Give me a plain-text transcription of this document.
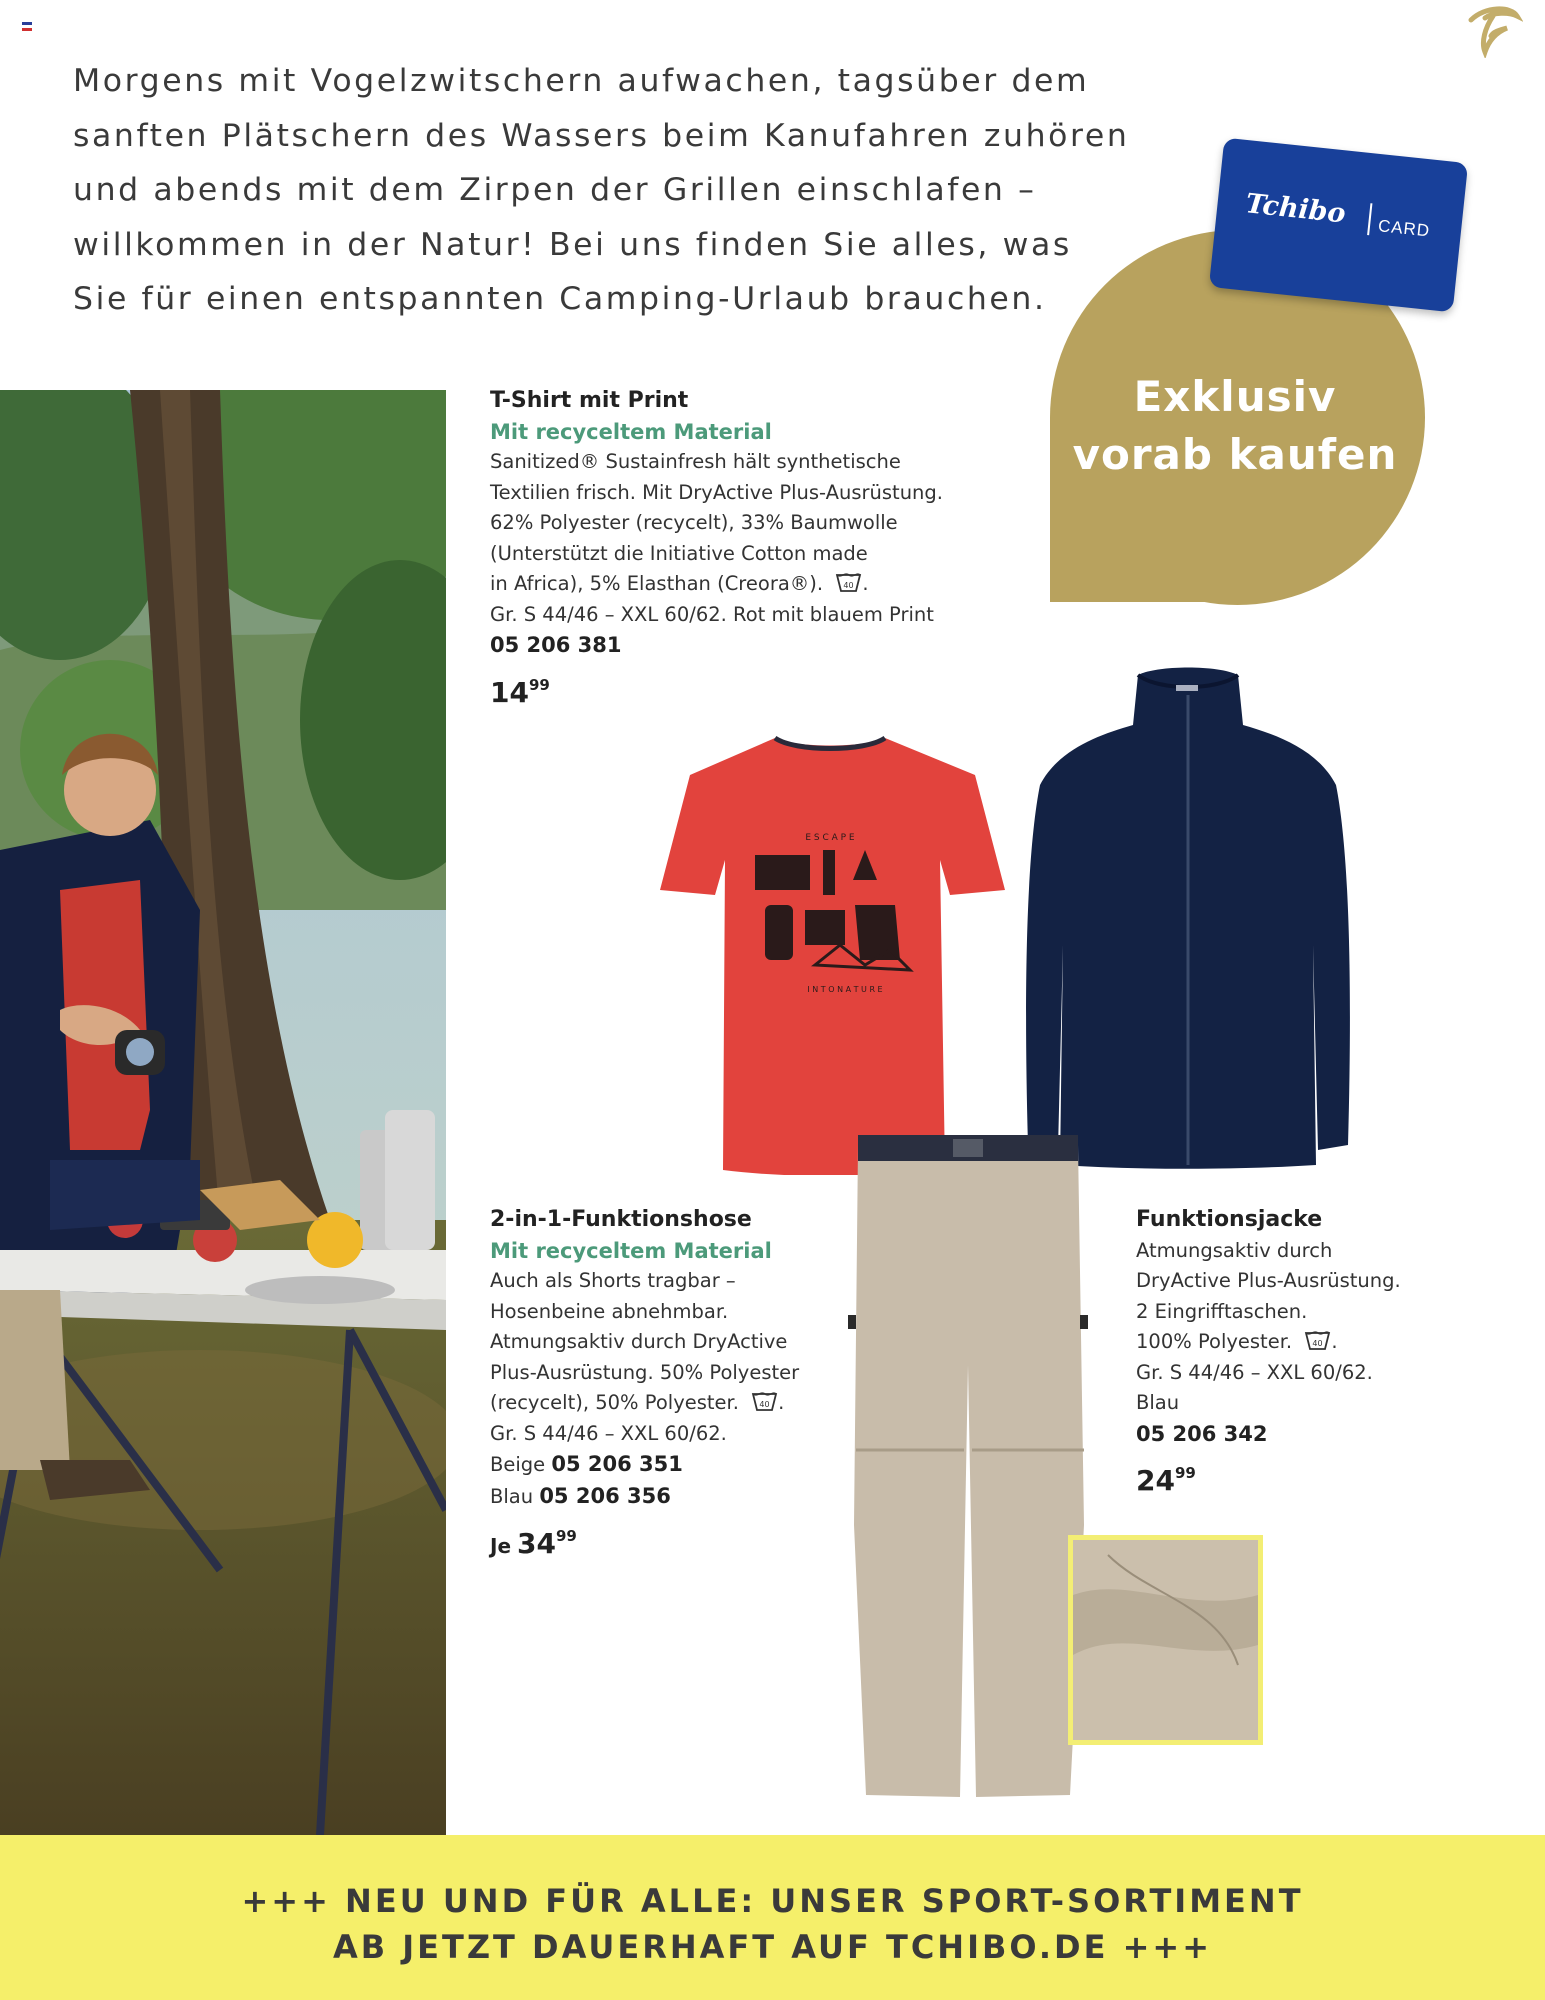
Morgens mit Vogelzwitschern aufwachen, tagsüber dem
sanften Plätschern des Wassers beim Kanufahren zuhören
und abends mit dem Zirpen der Grillen einschlafen –
willkommen in der Natur! Bei uns finden Sie alles, was
Sie für einen entspannten Camping-Urlaub brauchen.
Exklusiv
vorab kaufen
Tchibo CARD
T-Shirt mit Print
Mit recyceltem Material
Sanitized® Sustainfresh hält synthetische
Textilien frisch. Mit DryActive Plus-Ausrüstung.
62% Polyester (recycelt), 33% Baumwolle
(Unterstützt die Initiative Cotton made
in Africa), 5% Elasthan (Creora®).	40 .
Gr. S 44/46 – XXL 60/62. Rot mit blauem Print
05 206 381
$14^{99}$
E S C A P E
I N T O N A T U R E
2-in-1-Funktionshose
Mit recyceltem Material
Auch als Shorts tragbar –
Hosenbeine abnehmbar.
Atmungsaktiv durch DryActive
Plus-Ausrüstung. 50% Polyester
(recycelt), 50% Polyester.	40 .
Gr. S 44/46 – XXL 60/62.
Beige 05 206 351
Blau 05 206 356
Je $34^{99}$
Funktionsjacke
Atmungsaktiv durch
DryActive Plus-Ausrüstung.
2 Eingrifftaschen.
100% Polyester.	40 .
Gr. S 44/46 – XXL 60/62.
Blau
05 206 342
$24^{99}$
+++ NEU UND FÜR ALLE: UNSER SPORT-SORTIMENT
AB JETZT DAUERHAFT AUF TCHIBO.DE +++
